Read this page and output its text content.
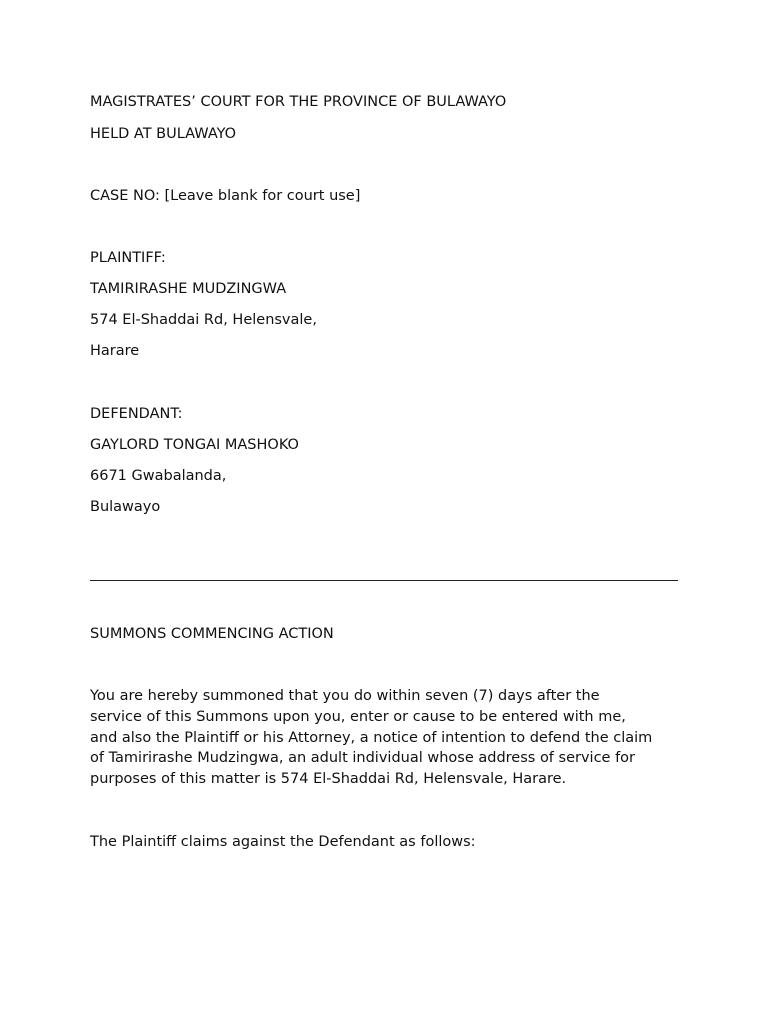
MAGISTRATES’ COURT FOR THE PROVINCE OF BULAWAYO
HELD AT BULAWAYO
CASE NO: [Leave blank for court use]
PLAINTIFF:
TAMIRIRASHE MUDZINGWA
574 El-Shaddai Rd, Helensvale,
Harare
DEFENDANT:
GAYLORD TONGAI MASHOKO
6671 Gwabalanda,
Bulawayo
SUMMONS COMMENCING ACTION
You are hereby summoned that you do within seven (7) days after the
service of this Summons upon you, enter or cause to be entered with me,
and also the Plaintiff or his Attorney, a notice of intention to defend the claim
of Tamirirashe Mudzingwa, an adult individual whose address of service for
purposes of this matter is 574 El-Shaddai Rd, Helensvale, Harare.
The Plaintiff claims against the Defendant as follows:
